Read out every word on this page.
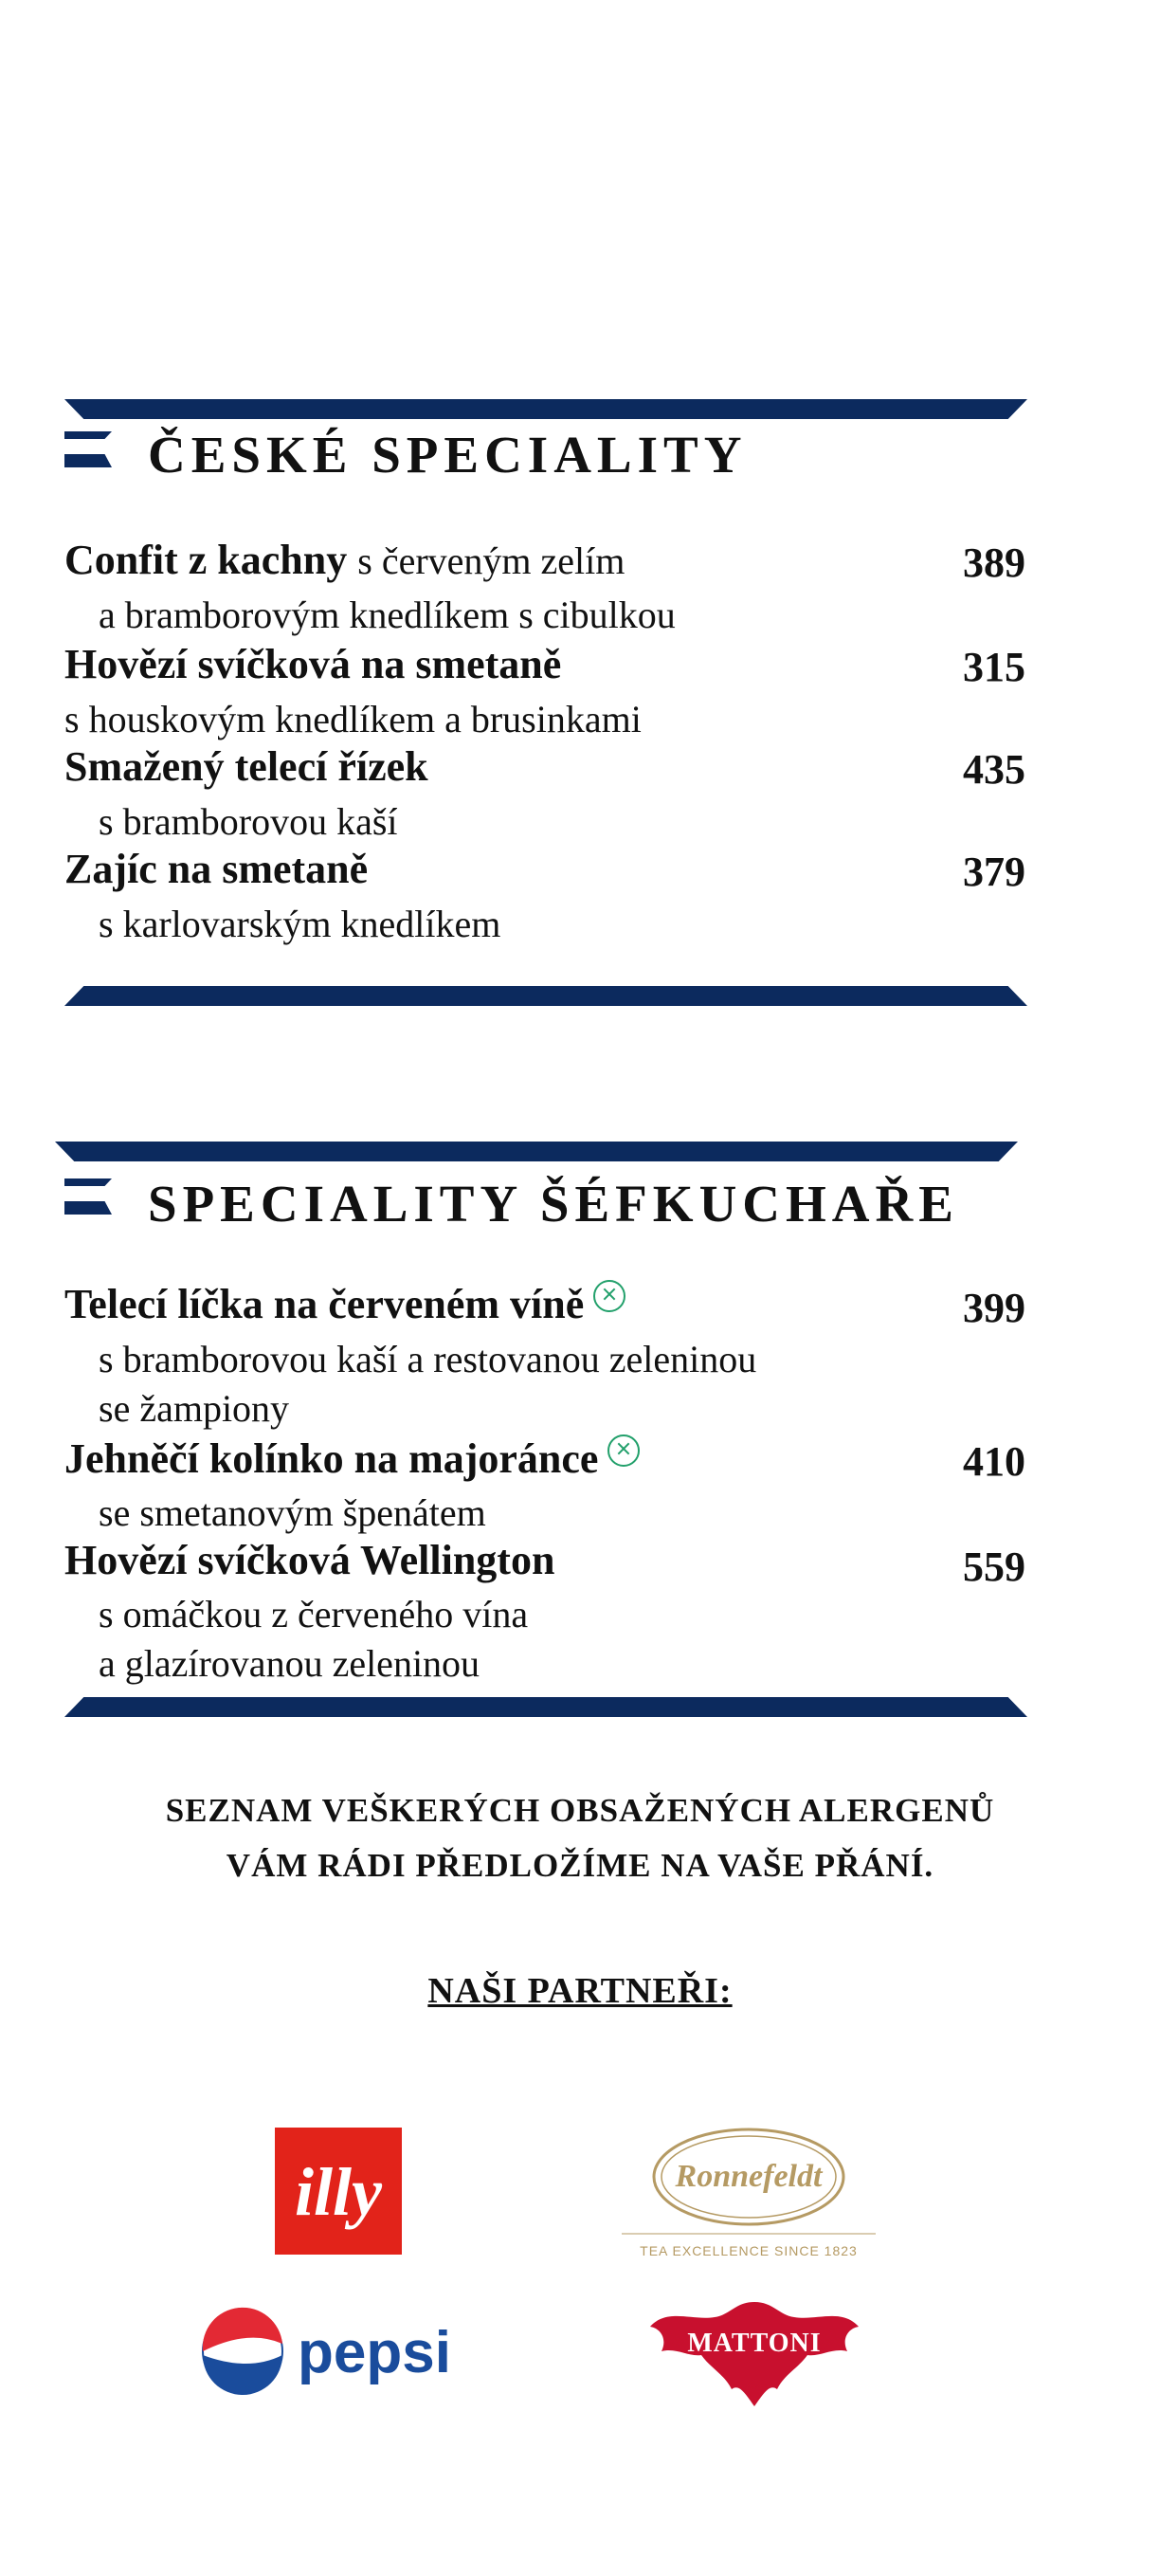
ČESKÉ SPECIALITY
Confit z kachny s červeným zelím	389
a bramborovým knedlíkem s cibulkou
Hovězí svíčková na smetaně	315
s houskovým knedlíkem a brusinkami
Smažený telecí řízek	435
s bramborovou kaší
Zajíc na smetaně	379
s karlovarským knedlíkem
SPECIALITY ŠÉFKUCHAŘE
Telecí líčka na červeném víně	399
s bramborovou kaší a restovanou zeleninou
se žampiony
Jehněčí kolínko na majoránce	410
se smetanovým špenátem
Hovězí svíčková Wellington	559
s omáčkou z červeného vína
a glazírovanou zeleninou
SEZNAM VEŠKERÝCH OBSAŽENÝCH ALERGENŮ
VÁM RÁDI PŘEDLOŽÍME NA VAŠE PŘÁNÍ.
NAŠI PARTNEŘI:
illy	Ronnefeldt
TEA EXCELLENCE SINCE 1823
pepsi	MATTONI
